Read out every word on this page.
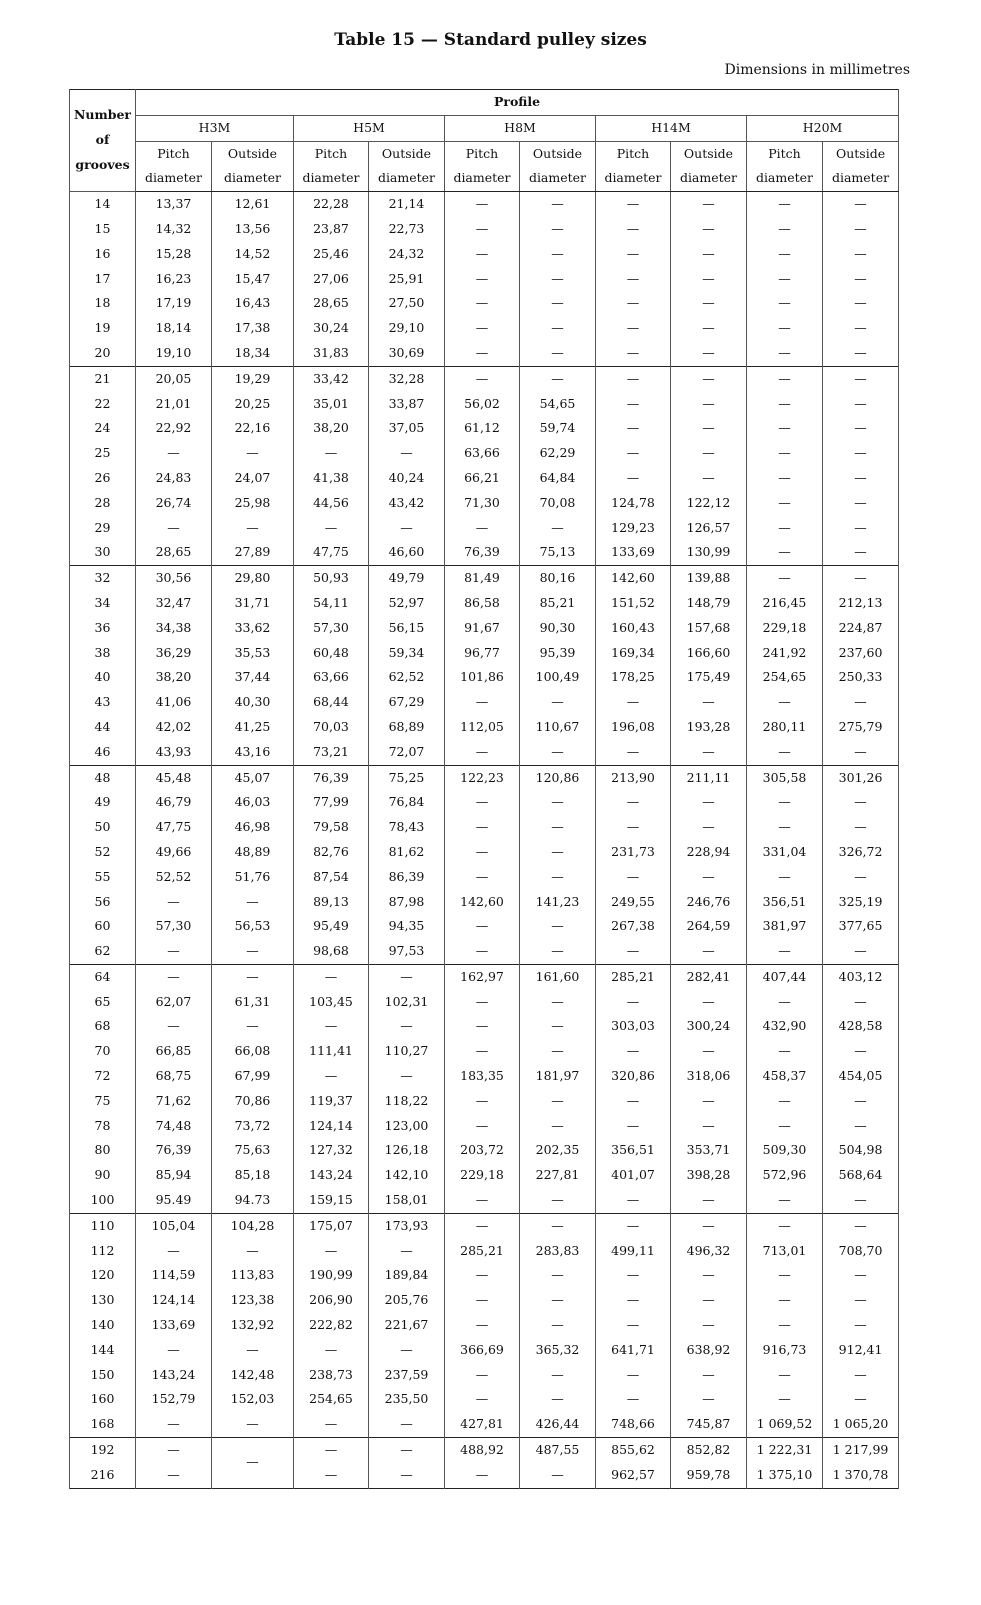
Table 15 — Standard pulley sizes
Dimensions in millimetres
Number
of
grooves	Profile									
	H3M		H5M		H8M		H14M		H20M	
	Pitch	Outside	Pitch	Outside	Pitch	Outside	Pitch	Outside	Pitch	Outside
	diameter	diameter	diameter	diameter	diameter	diameter	diameter	diameter	diameter	diameter
14	13,37	12,61	22,28	21,14	—	—	—	—	—	—
15	14,32	13,56	23,87	22,73	—	—	—	—	—	—
16	15,28	14,52	25,46	24,32	—	—	—	—	—	—
17	16,23	15,47	27,06	25,91	—	—	—	—	—	—
18	17,19	16,43	28,65	27,50	—	—	—	—	—	—
19	18,14	17,38	30,24	29,10	—	—	—	—	—	—
20	19,10	18,34	31,83	30,69	—	—	—	—	—	—
21	20,05	19,29	33,42	32,28	—	—	—	—	—	—
22	21,01	20,25	35,01	33,87	56,02	54,65	—	—	—	—
24	22,92	22,16	38,20	37,05	61,12	59,74	—	—	—	—
25	—	—	—	—	63,66	62,29	—	—	—	—
26	24,83	24,07	41,38	40,24	66,21	64,84	—	—	—	—
28	26,74	25,98	44,56	43,42	71,30	70,08	124,78	122,12	—	—
29	—	—	—	—	—	—	129,23	126,57	—	—
30	28,65	27,89	47,75	46,60	76,39	75,13	133,69	130,99	—	—
32	30,56	29,80	50,93	49,79	81,49	80,16	142,60	139,88	—	—
34	32,47	31,71	54,11	52,97	86,58	85,21	151,52	148,79	216,45	212,13
36	34,38	33,62	57,30	56,15	91,67	90,30	160,43	157,68	229,18	224,87
38	36,29	35,53	60,48	59,34	96,77	95,39	169,34	166,60	241,92	237,60
40	38,20	37,44	63,66	62,52	101,86	100,49	178,25	175,49	254,65	250,33
43	41,06	40,30	68,44	67,29	—	—	—	—	—	—
44	42,02	41,25	70,03	68,89	112,05	110,67	196,08	193,28	280,11	275,79
46	43,93	43,16	73,21	72,07	—	—	—	—	—	—
48	45,48	45,07	76,39	75,25	122,23	120,86	213,90	211,11	305,58	301,26
49	46,79	46,03	77,99	76,84	—	—	—	—	—	—
50	47,75	46,98	79,58	78,43	—	—	—	—	—	—
52	49,66	48,89	82,76	81,62	—	—	231,73	228,94	331,04	326,72
55	52,52	51,76	87,54	86,39	—	—	—	—	—	—
56	—	—	89,13	87,98	142,60	141,23	249,55	246,76	356,51	325,19
60	57,30	56,53	95,49	94,35	—	—	267,38	264,59	381,97	377,65
62	—	—	98,68	97,53	—	—	—	—	—	—
64	—	—	—	—	162,97	161,60	285,21	282,41	407,44	403,12
65	62,07	61,31	103,45	102,31	—	—	—	—	—	—
68	—	—	—	—	—	—	303,03	300,24	432,90	428,58
70	66,85	66,08	111,41	110,27	—	—	—	—	—	—
72	68,75	67,99	—	—	183,35	181,97	320,86	318,06	458,37	454,05
75	71,62	70,86	119,37	118,22	—	—	—	—	—	—
78	74,48	73,72	124,14	123,00	—	—	—	—	—	—
80	76,39	75,63	127,32	126,18	203,72	202,35	356,51	353,71	509,30	504,98
90	85,94	85,18	143,24	142,10	229,18	227,81	401,07	398,28	572,96	568,64
100	95.49	94.73	159,15	158,01	—	—	—	—	—	—
110	105,04	104,28	175,07	173,93	—	—	—	—	—	—
112	—	—	—	—	285,21	283,83	499,11	496,32	713,01	708,70
120	114,59	113,83	190,99	189,84	—	—	—	—	—	—
130	124,14	123,38	206,90	205,76	—	—	—	—	—	—
140	133,69	132,92	222,82	221,67	—	—	—	—	—	—
144	—	—	—	—	366,69	365,32	641,71	638,92	916,73	912,41
150	143,24	142,48	238,73	237,59	—	—	—	—	—	—
160	152,79	152,03	254,65	235,50	—	—	—	—	—	—
168	—	—	—	—	427,81	426,44	748,66	745,87	1 069,52	1 065,20
192	—	—	—	—	488,92	487,55	855,62	852,82	1 222,31	1 217,99
216	—		—	—	—	—	962,57	959,78	1 375,10	1 370,78
